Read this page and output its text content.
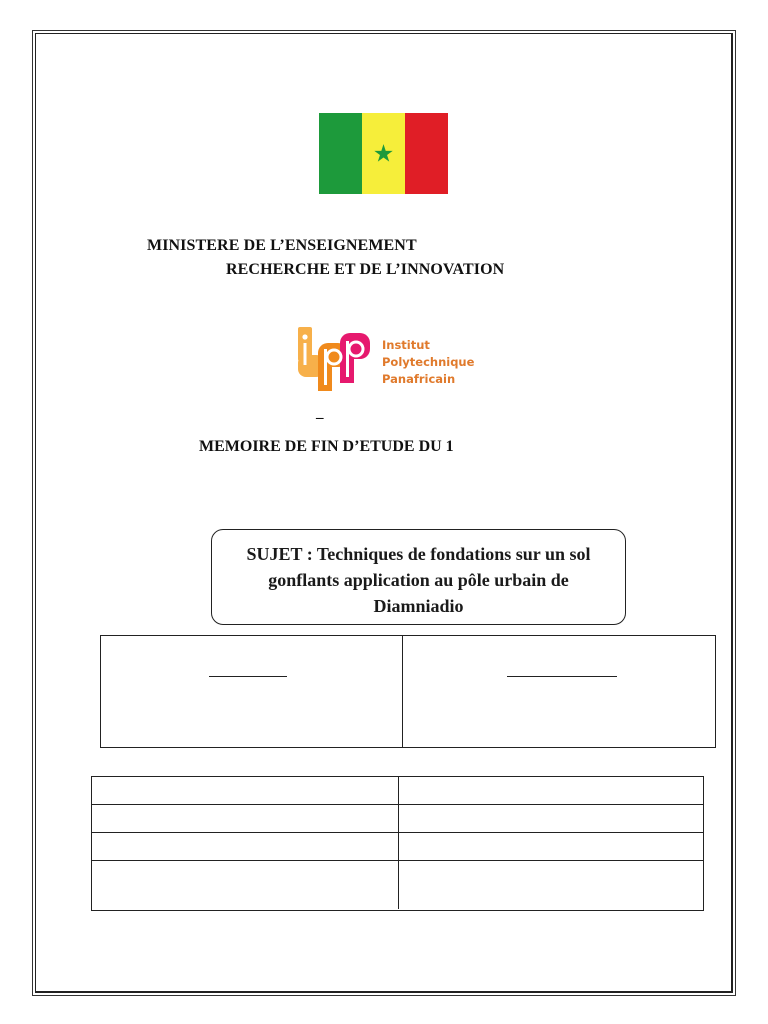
★
MINISTERE DE L’ENSEIGNEMENT
RECHERCHE ET DE L’INNOVATION
Institut
Polytechnique
Panafricain
_
MEMOIRE DE FIN D’ETUDE DU 1
SUJET : Techniques de fondations sur un sol
gonflants application au pôle urbain de
Diamniadio
